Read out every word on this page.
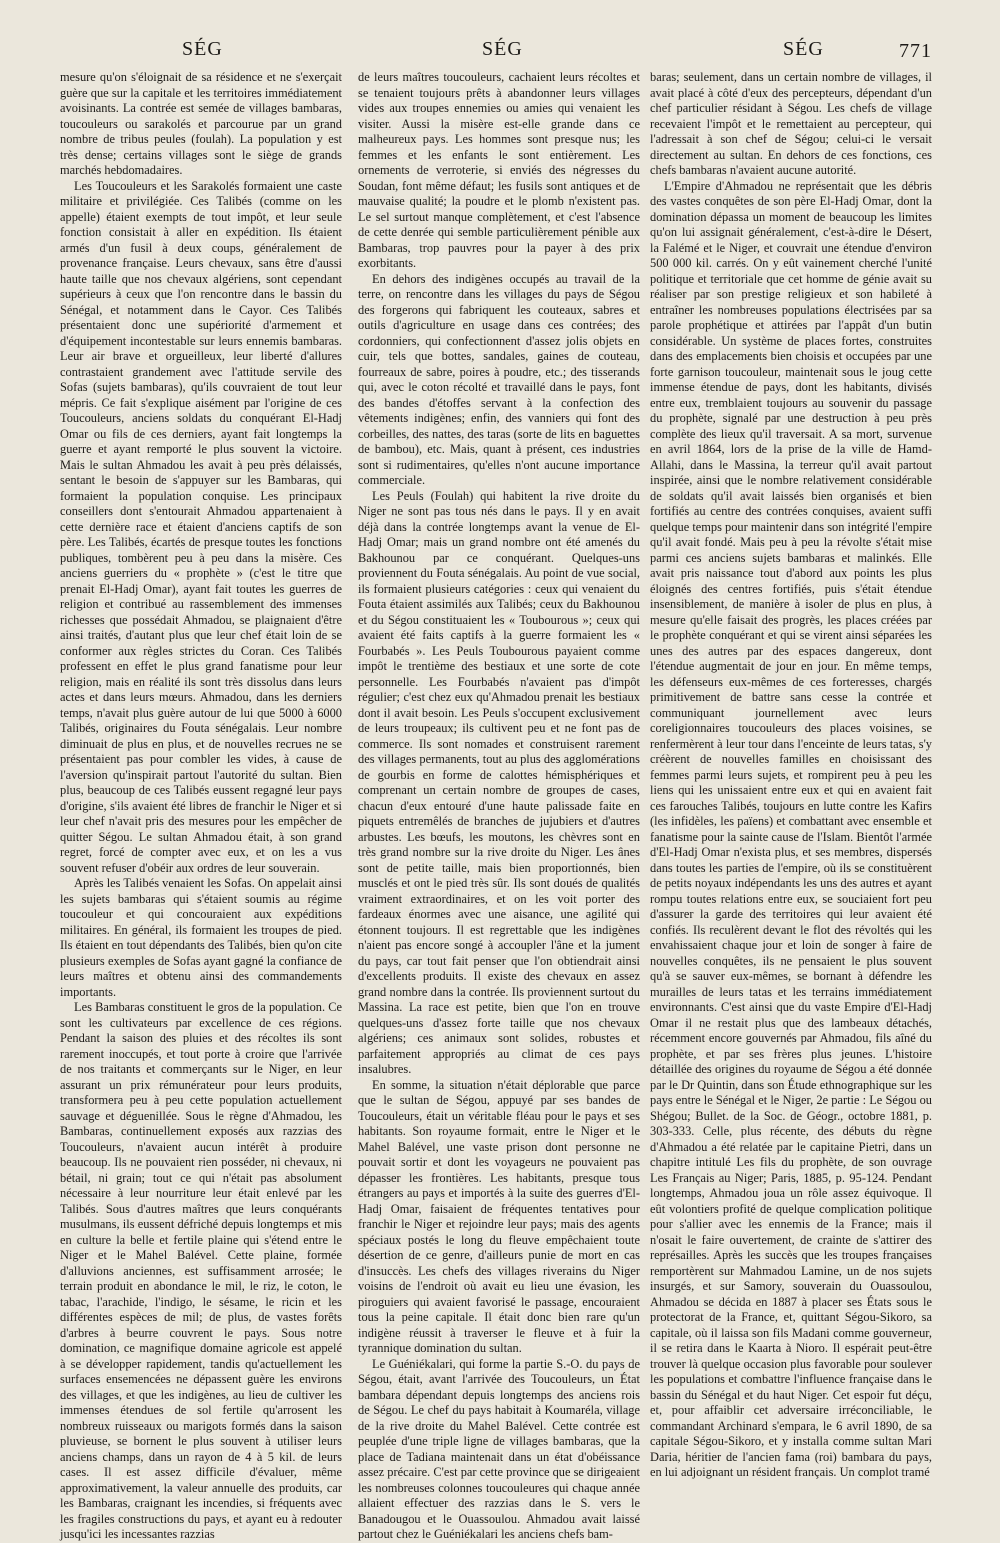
SÉG	SÉG	SÉG	771

mesure qu'on s'éloignait de sa résidence et ne s'exerçait guère que sur la capitale et les territoires immédiatement avoisinants. La contrée est semée de villages bambaras, toucouleurs ou sarakolés et parcourue par un grand nombre de tribus peules (foulah). La population y est très dense; certains villages sont le siège de grands marchés hebdomadaires.

Les Toucouleurs et les Sarakolés formaient une caste militaire et privilégiée. Ces Talibés (comme on les appelle) étaient exempts de tout impôt, et leur seule fonction consistait à aller en expédition. Ils étaient armés d'un fusil à deux coups, généralement de provenance française. Leurs chevaux, sans être d'aussi haute taille que nos chevaux algériens, sont cependant supérieurs à ceux que l'on rencontre dans le bassin du Sénégal, et notamment dans le Cayor. Ces Talibés présentaient donc une supériorité d'armement et d'équipement incontestable sur leurs ennemis bambaras. Leur air brave et orgueilleux, leur liberté d'allures contrastaient grandement avec l'attitude servile des Sofas (sujets bambaras), qu'ils couvraient de tout leur mépris. Ce fait s'explique aisément par l'origine de ces Toucouleurs, anciens soldats du conquérant El-Hadj Omar ou fils de ces derniers, ayant fait longtemps la guerre et ayant remporté le plus souvent la victoire. Mais le sultan Ahmadou les avait à peu près délaissés, sentant le besoin de s'appuyer sur les Bambaras, qui formaient la population conquise. Les principaux conseillers dont s'entourait Ahmadou appartenaient à cette dernière race et étaient d'anciens captifs de son père. Les Talibés, écartés de presque toutes les fonctions publiques, tombèrent peu à peu dans la misère. Ces anciens guerriers du « prophète » (c'est le titre que prenait El-Hadj Omar), ayant fait toutes les guerres de religion et contribué au rassemblement des immenses richesses que possédait Ahmadou, se plaignaient d'être ainsi traités, d'autant plus que leur chef était loin de se conformer aux règles strictes du Coran. Ces Talibés professent en effet le plus grand fanatisme pour leur religion, mais en réalité ils sont très dissolus dans leurs actes et dans leurs mœurs. Ahmadou, dans les derniers temps, n'avait plus guère autour de lui que 5000 à 6000 Talibés, originaires du Fouta sénégalais. Leur nombre diminuait de plus en plus, et de nouvelles recrues ne se présentaient pas pour combler les vides, à cause de l'aversion qu'inspirait partout l'autorité du sultan. Bien plus, beaucoup de ces Talibés eussent regagné leur pays d'origine, s'ils avaient été libres de franchir le Niger et si leur chef n'avait pris des mesures pour les empêcher de quitter Ségou. Le sultan Ahmadou était, à son grand regret, forcé de compter avec eux, et on les a vus souvent refuser d'obéir aux ordres de leur souverain.

Après les Talibés venaient les Sofas. On appelait ainsi les sujets bambaras qui s'étaient soumis au régime toucouleur et qui concouraient aux expéditions militaires. En général, ils formaient les troupes de pied. Ils étaient en tout dépendants des Talibés, bien qu'on cite plusieurs exemples de Sofas ayant gagné la confiance de leurs maîtres et obtenu ainsi des commandements importants.

Les Bambaras constituent le gros de la population. Ce sont les cultivateurs par excellence de ces régions. Pendant la saison des pluies et des récoltes ils sont rarement inoccupés, et tout porte à croire que l'arrivée de nos traitants et commerçants sur le Niger, en leur assurant un prix rémunérateur pour leurs produits, transformera peu à peu cette population actuellement sauvage et déguenillée. Sous le règne d'Ahmadou, les Bambaras, continuellement exposés aux razzias des Toucouleurs, n'avaient aucun intérêt à produire beaucoup. Ils ne pouvaient rien posséder, ni chevaux, ni bétail, ni grain; tout ce qui n'était pas absolument nécessaire à leur nourriture leur était enlevé par les Talibés. Sous d'autres maîtres que leurs conquérants musulmans, ils eussent défriché depuis longtemps et mis en culture la belle et fertile plaine qui s'étend entre le Niger et le Mahel Balével. Cette plaine, formée d'alluvions anciennes, est suffisamment arrosée; le terrain produit en abondance le mil, le riz, le coton, le tabac, l'arachide, l'indigo, le sésame, le ricin et les différentes espèces de mil; de plus, de vastes forêts d'arbres à beurre couvrent le pays. Sous notre domination, ce magnifique domaine agricole est appelé à se développer rapidement, tandis qu'actuellement les surfaces ensemencées ne dépassent guère les environs des villages, et que les indigènes, au lieu de cultiver les immenses étendues de sol fertile qu'arrosent les nombreux ruisseaux ou marigots formés dans la saison pluvieuse, se bornent le plus souvent à utiliser leurs anciens champs, dans un rayon de 4 à 5 kil. de leurs cases. Il est assez difficile d'évaluer, même approximativement, la valeur annuelle des produits, car les Bambaras, craignant les incendies, si fréquents avec les fragiles constructions du pays, et ayant eu à redouter jusqu'ici les incessantes razzias

de leurs maîtres toucouleurs, cachaient leurs récoltes et se tenaient toujours prêts à abandonner leurs villages vides aux troupes ennemies ou amies qui venaient les visiter. Aussi la misère est-elle grande dans ce malheureux pays. Les hommes sont presque nus; les femmes et les enfants le sont entièrement. Les ornements de verroterie, si enviés des négresses du Soudan, font même défaut; les fusils sont antiques et de mauvaise qualité; la poudre et le plomb n'existent pas. Le sel surtout manque complètement, et c'est l'absence de cette denrée qui semble particulièrement pénible aux Bambaras, trop pauvres pour la payer à des prix exorbitants.

En dehors des indigènes occupés au travail de la terre, on rencontre dans les villages du pays de Ségou des forgerons qui fabriquent les couteaux, sabres et outils d'agriculture en usage dans ces contrées; des cordonniers, qui confectionnent d'assez jolis objets en cuir, tels que bottes, sandales, gaines de couteau, fourreaux de sabre, poires à poudre, etc.; des tisserands qui, avec le coton récolté et travaillé dans le pays, font des bandes d'étoffes servant à la confection des vêtements indigènes; enfin, des vanniers qui font des corbeilles, des nattes, des taras (sorte de lits en baguettes de bambou), etc. Mais, quant à présent, ces industries sont si rudimentaires, qu'elles n'ont aucune importance commerciale.

Les Peuls (Foulah) qui habitent la rive droite du Niger ne sont pas tous nés dans le pays. Il y en avait déjà dans la contrée longtemps avant la venue de El-Hadj Omar; mais un grand nombre ont été amenés du Bakhounou par ce conquérant. Quelques-uns proviennent du Fouta sénégalais. Au point de vue social, ils formaient plusieurs catégories : ceux qui venaient du Fouta étaient assimilés aux Talibés; ceux du Bakhounou et du Ségou constituaient les « Toubourous »; ceux qui avaient été faits captifs à la guerre formaient les « Fourbabés ». Les Peuls Toubourous payaient comme impôt le trentième des bestiaux et une sorte de cote personnelle. Les Fourbabés n'avaient pas d'impôt régulier; c'est chez eux qu'Ahmadou prenait les bestiaux dont il avait besoin. Les Peuls s'occupent exclusivement de leurs troupeaux; ils cultivent peu et ne font pas de commerce. Ils sont nomades et construisent rarement des villages permanents, tout au plus des agglomérations de gourbis en forme de calottes hémisphériques et comprenant un certain nombre de groupes de cases, chacun d'eux entouré d'une haute palissade faite en piquets entremêlés de branches de jujubiers et d'autres arbustes. Les bœufs, les moutons, les chèvres sont en très grand nombre sur la rive droite du Niger. Les ânes sont de petite taille, mais bien proportionnés, bien musclés et ont le pied très sûr. Ils sont doués de qualités vraiment extraordinaires, et on les voit porter des fardeaux énormes avec une aisance, une agilité qui étonnent toujours. Il est regrettable que les indigènes n'aient pas encore songé à accoupler l'âne et la jument du pays, car tout fait penser que l'on obtiendrait ainsi d'excellents produits. Il existe des chevaux en assez grand nombre dans la contrée. Ils proviennent surtout du Massina. La race est petite, bien que l'on en trouve quelques-uns d'assez forte taille que nos chevaux algériens; ces animaux sont solides, robustes et parfaitement appropriés au climat de ces pays insalubres.

En somme, la situation n'était déplorable que parce que le sultan de Ségou, appuyé par ses bandes de Toucouleurs, était un véritable fléau pour le pays et ses habitants. Son royaume formait, entre le Niger et le Mahel Balével, une vaste prison dont personne ne pouvait sortir et dont les voyageurs ne pouvaient pas dépasser les frontières. Les habitants, presque tous étrangers au pays et importés à la suite des guerres d'El-Hadj Omar, faisaient de fréquentes tentatives pour franchir le Niger et rejoindre leur pays; mais des agents spéciaux postés le long du fleuve empêchaient toute désertion de ce genre, d'ailleurs punie de mort en cas d'insuccès. Les chefs des villages riverains du Niger voisins de l'endroit où avait eu lieu une évasion, les piroguiers qui avaient favorisé le passage, encouraient tous la peine capitale. Il était donc bien rare qu'un indigène réussit à traverser le fleuve et à fuir la tyrannique domination du sultan.

Le Guéniékalari, qui forme la partie S.-O. du pays de Ségou, était, avant l'arrivée des Toucouleurs, un État bambara dépendant depuis longtemps des anciens rois de Ségou. Le chef du pays habitait à Koumaréla, village de la rive droite du Mahel Balével. Cette contrée est peuplée d'une triple ligne de villages bambaras, que la place de Tadiana maintenait dans un état d'obéissance assez précaire. C'est par cette province que se dirigeaient les nombreuses colonnes toucouleures qui chaque année allaient effectuer des razzias dans le S. vers le Banadougou et le Ouassoulou. Ahmadou avait laissé partout chez le Guéniékalari les anciens chefs bam-

baras; seulement, dans un certain nombre de villages, il avait placé à côté d'eux des percepteurs, dépendant d'un chef particulier résidant à Ségou. Les chefs de village recevaient l'impôt et le remettaient au percepteur, qui l'adressait à son chef de Ségou; celui-ci le versait directement au sultan. En dehors de ces fonctions, ces chefs bambaras n'avaient aucune autorité.

L'Empire d'Ahmadou ne représentait que les débris des vastes conquêtes de son père El-Hadj Omar, dont la domination dépassa un moment de beaucoup les limites qu'on lui assignait généralement, c'est-à-dire le Désert, la Falémé et le Niger, et couvrait une étendue d'environ 500 000 kil. carrés. On y eût vainement cherché l'unité politique et territoriale que cet homme de génie avait su réaliser par son prestige religieux et son habileté à entraîner les nombreuses populations électrisées par sa parole prophétique et attirées par l'appât d'un butin considérable. Un système de places fortes, construites dans des emplacements bien choisis et occupées par une forte garnison toucouleur, maintenait sous le joug cette immense étendue de pays, dont les habitants, divisés entre eux, tremblaient toujours au souvenir du passage du prophète, signalé par une destruction à peu près complète des lieux qu'il traversait. A sa mort, survenue en avril 1864, lors de la prise de la ville de Hamd-Allahi, dans le Massina, la terreur qu'il avait partout inspirée, ainsi que le nombre relativement considérable de soldats qu'il avait laissés bien organisés et bien fortifiés au centre des contrées conquises, avaient suffi quelque temps pour maintenir dans son intégrité l'empire qu'il avait fondé. Mais peu à peu la révolte s'était mise parmi ces anciens sujets bambaras et malinkés. Elle avait pris naissance tout d'abord aux points les plus éloignés des centres fortifiés, puis s'était étendue insensiblement, de manière à isoler de plus en plus, à mesure qu'elle faisait des progrès, les places créées par le prophète conquérant et qui se virent ainsi séparées les unes des autres par des espaces dangereux, dont l'étendue augmentait de jour en jour. En même temps, les défenseurs eux-mêmes de ces forteresses, chargés primitivement de battre sans cesse la contrée et communiquant journellement avec leurs coreligionnaires toucouleurs des places voisines, se renfermèrent à leur tour dans l'enceinte de leurs tatas, s'y créèrent de nouvelles familles en choisissant des femmes parmi leurs sujets, et rompirent peu à peu les liens qui les unissaient entre eux et qui en avaient fait ces farouches Talibés, toujours en lutte contre les Kafirs (les infidèles, les païens) et combattant avec ensemble et fanatisme pour la sainte cause de l'Islam. Bientôt l'armée d'El-Hadj Omar n'exista plus, et ses membres, dispersés dans toutes les parties de l'empire, où ils se constituèrent de petits noyaux indépendants les uns des autres et ayant rompu toutes relations entre eux, se souciaient fort peu d'assurer la garde des territoires qui leur avaient été confiés. Ils reculèrent devant le flot des révoltés qui les envahissaient chaque jour et loin de songer à faire de nouvelles conquêtes, ils ne pensaient le plus souvent qu'à se sauver eux-mêmes, se bornant à défendre les murailles de leurs tatas et les terrains immédiatement environnants. C'est ainsi que du vaste Empire d'El-Hadj Omar il ne restait plus que des lambeaux détachés, récemment encore gouvernés par Ahmadou, fils aîné du prophète, et par ses frères plus jeunes. L'histoire détaillée des origines du royaume de Ségou a été donnée par le Dr Quintin, dans son Étude ethnographique sur les pays entre le Sénégal et le Niger, 2e partie : Le Ségou ou Shégou; Bullet. de la Soc. de Géogr., octobre 1881, p. 303-333. Celle, plus récente, des débuts du règne d'Ahmadou a été relatée par le capitaine Pietri, dans un chapitre intitulé Les fils du prophète, de son ouvrage Les Français au Niger; Paris, 1885, p. 95-124. Pendant longtemps, Ahmadou joua un rôle assez équivoque. Il eût volontiers profité de quelque complication politique pour s'allier avec les ennemis de la France; mais il n'osait le faire ouvertement, de crainte de s'attirer des représailles. Après les succès que les troupes françaises remportèrent sur Mahmadou Lamine, un de nos sujets insurgés, et sur Samory, souverain du Ouassoulou, Ahmadou se décida en 1887 à placer ses États sous le protectorat de la France, et, quittant Ségou-Sikoro, sa capitale, où il laissa son fils Madani comme gouverneur, il se retira dans le Kaarta à Nioro. Il espérait peut-être trouver là quelque occasion plus favorable pour soulever les populations et combattre l'influence française dans le bassin du Sénégal et du haut Niger. Cet espoir fut déçu, et, pour affaiblir cet adversaire irréconciliable, le commandant Archinard s'empara, le 6 avril 1890, de sa capitale Ségou-Sikoro, et y installa comme sultan Mari Daria, héritier de l'ancien fama (roi) bambara du pays, en lui adjoignant un résident français. Un complot tramé
